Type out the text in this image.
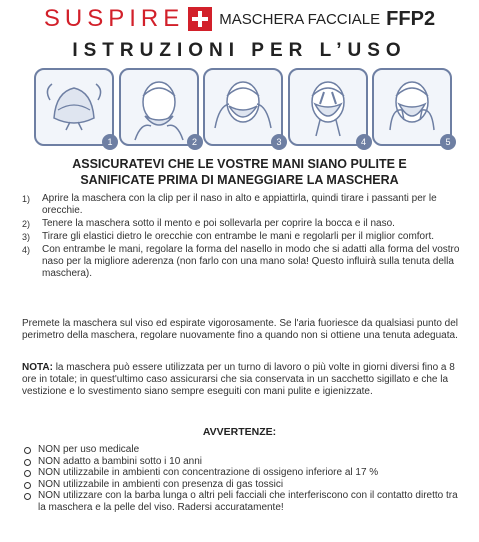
SUSPIRE MASCHERA FACCIALE FFP2
ISTRUZIONI PER L’USO
1	2	3	4	5
ASSICURATEVI CHE LE VOSTRE MANI SIANO PULITE E
SANIFICATE PRIMA DI MANEGGIARE LA MASCHERA
1) Aprire la maschera con la clip per il naso in alto e appiattirla, quindi tirare i passanti per le orecchie.
2) Tenere la maschera sotto il mento e poi sollevarla per coprire la bocca e il naso.
3) Tirare gli elastici dietro le orecchie con entrambe le mani e regolarli per il miglior comfort.
4) Con entrambe le mani, regolare la forma del nasello in modo che si adatti alla forma del vostro naso per la migliore aderenza (non farlo con una mano sola! Questo influirà sulla tenuta della maschera).

Premete la maschera sul viso ed espirate vigorosamente. Se l'aria fuoriesce da qualsiasi punto del perimetro della maschera, regolare nuovamente fino a quando non si ottiene una tenuta adeguata.

NOTA: la maschera può essere utilizzata per un turno di lavoro o più volte in giorni diversi fino a 8 ore in totale; in quest'ultimo caso assicurarsi che sia conservata in un sacchetto sigillato e che la vestizione e lo svestimento siano sempre eseguiti con mani pulite e igienizzate.

AVVERTENZE:
NON per uso medicale
NON adatto a bambini sotto i 10 anni
NON utilizzabile in ambienti con concentrazione di ossigeno inferiore al 17 %
NON utilizzabile in ambienti con presenza di gas tossici
NON utilizzare con la barba lunga o altri peli facciali che interferiscono con il contatto diretto tra la maschera e la pelle del viso. Radersi accuratamente!
